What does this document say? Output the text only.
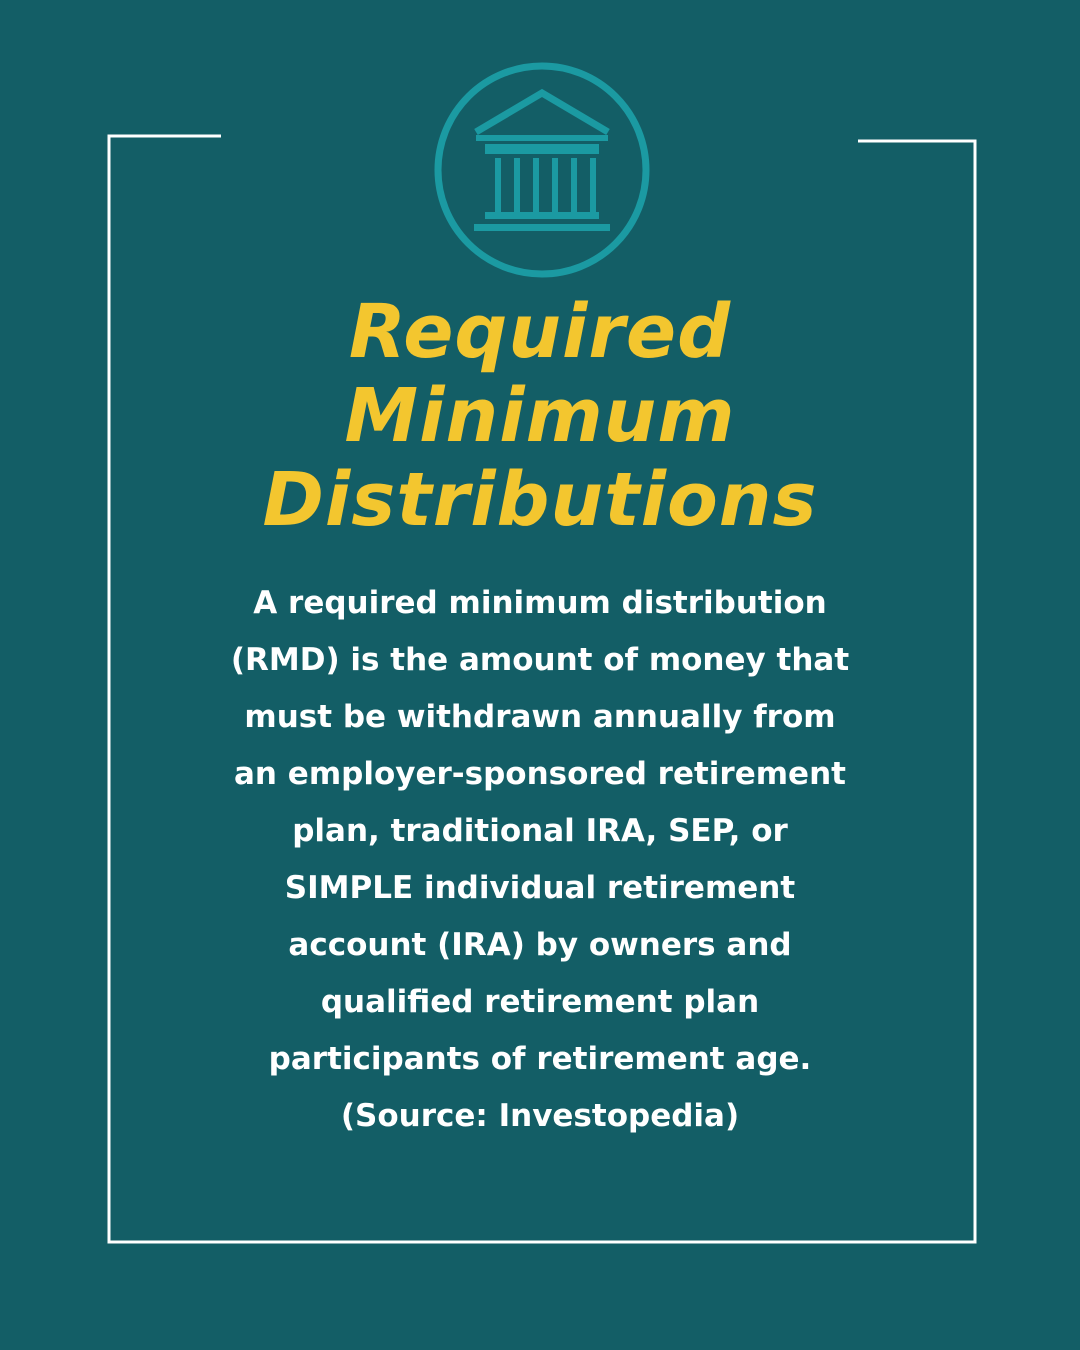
Required
Minimum
Distributions
A required minimum distribution
(RMD) is the amount of money that
must be withdrawn annually from
an employer-sponsored retirement
plan, traditional IRA, SEP, or
SIMPLE individual retirement
account (IRA) by owners and
qualified retirement plan
participants of retirement age.
(Source: Investopedia)
